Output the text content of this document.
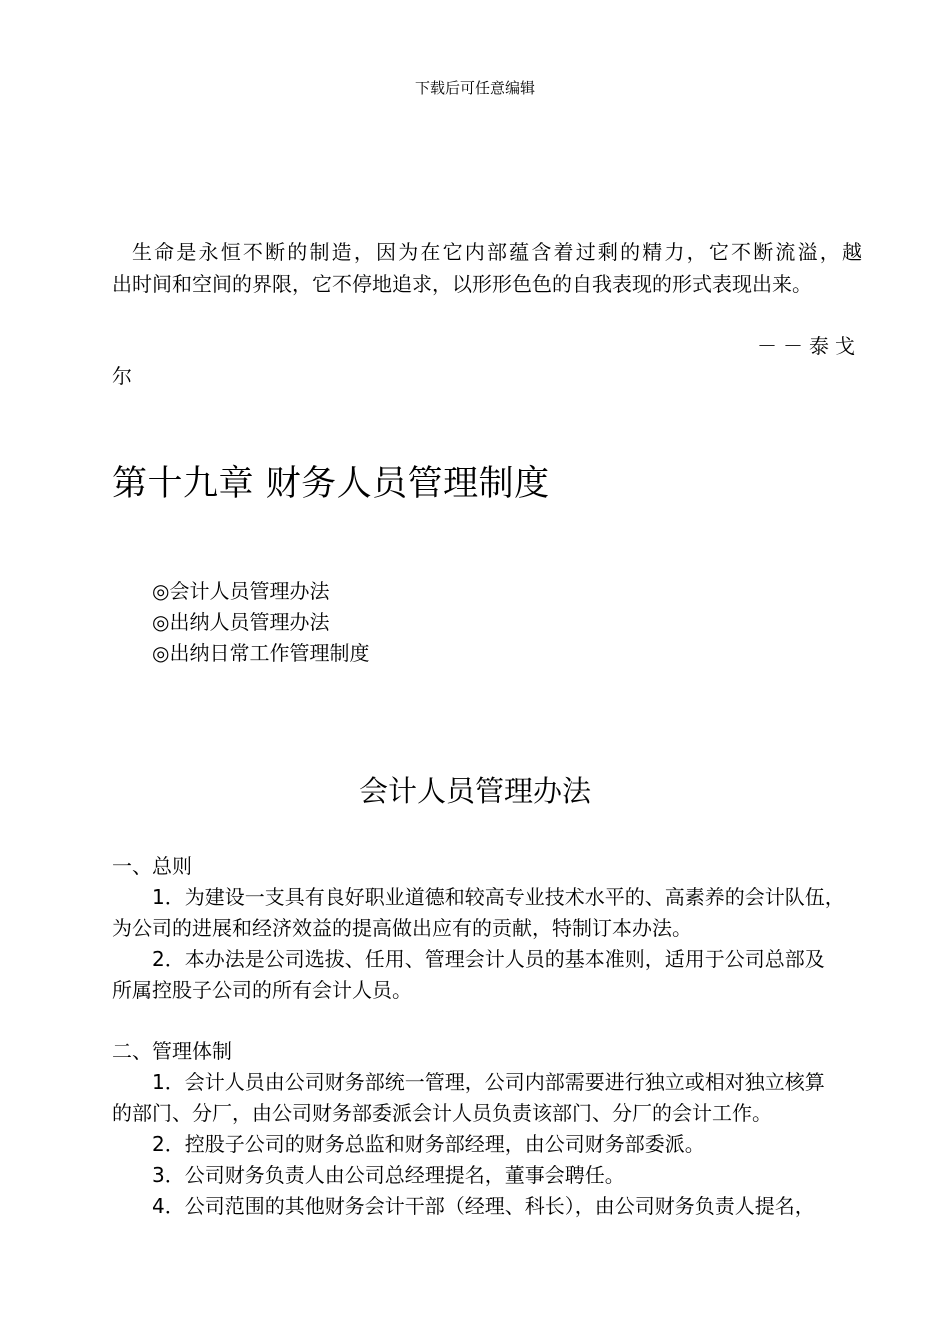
下载后可任意编辑
生命是永恒不断的制造，因为在它内部蕴含着过剩的精力，它不断流溢，越
出时间和空间的界限，它不停地追求，以形形色色的自我表现的形式表现出来。
－－泰戈
尔
第十九章 财务人员管理制度
◎会计人员管理办法
◎出纳人员管理办法
◎出纳日常工作管理制度
会计人员管理办法
一、总则
1．为建设一支具有良好职业道德和较高专业技术水平的、高素养的会计队伍，
为公司的进展和经济效益的提高做出应有的贡献，特制订本办法。
2．本办法是公司选拔、任用、管理会计人员的基本准则，适用于公司总部及
所属控股子公司的所有会计人员。
二、管理体制
1．会计人员由公司财务部统一管理，公司内部需要进行独立或相对独立核算
的部门、分厂，由公司财务部委派会计人员负责该部门、分厂的会计工作。
2．控股子公司的财务总监和财务部经理，由公司财务部委派。
3．公司财务负责人由公司总经理提名，董事会聘任。
4．公司范围的其他财务会计干部（经理、科长），由公司财务负责人提名，
